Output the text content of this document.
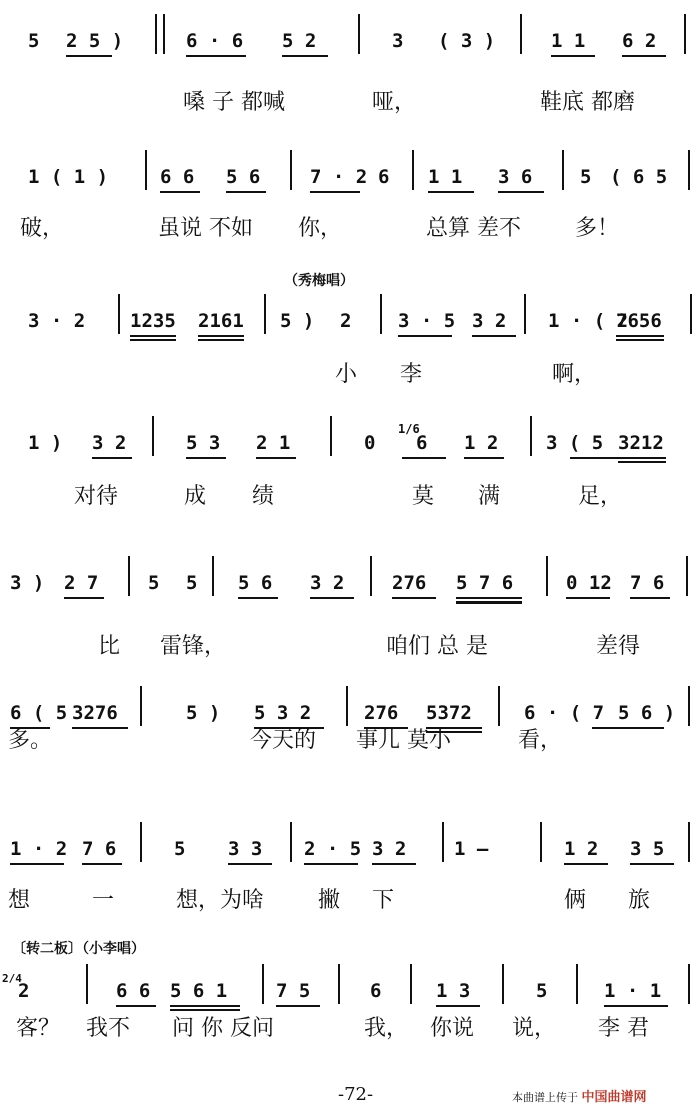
5 2 5 )	6 · 6 5 2	3 ( 3 )	1 1 6 2
嗓 子 都喊	哑，	鞋底 都磨
1 ( 1 )	6 6 5 6	7 · 2 6 1 1 3 6	5 ( 6 5
破，	虽说 不如 你，	总算 差不 多！
（秀梅唱）
3 · 2 1235 2161 5 ) 2 3 · 5 3 2 1 · ( 2
7656
小 李	啊，
1 ) 3 2	5 3 2 1	0
1/6
6 1 2	3 ( 5 3212
对待	成 绩	莫 满	足，
3 ) 2 7	5 5 5 6 3 2	276 5 7 6	0 12 7 6
比 雷锋，	咱们 总 是	差得
6 ( 5 3276	5 ) 5 3 2	276 5372	6 · ( 7 5 6 )
多。	今天的 事儿 莫小	看，
1 · 2 7 6	5 3 3 2 · 5 3 2	1 —	1 2 3 5
想	一	想，为啥 撇 下	俩 旅
〔转二板〕（小李唱）
2/4
2	6 6 5 6 1	7 5	6	1 3	5	1 · 1
客？ 我不 问 你 反问	我， 你说 说， 李 君
-72-	本曲谱上传于 中国曲谱网
